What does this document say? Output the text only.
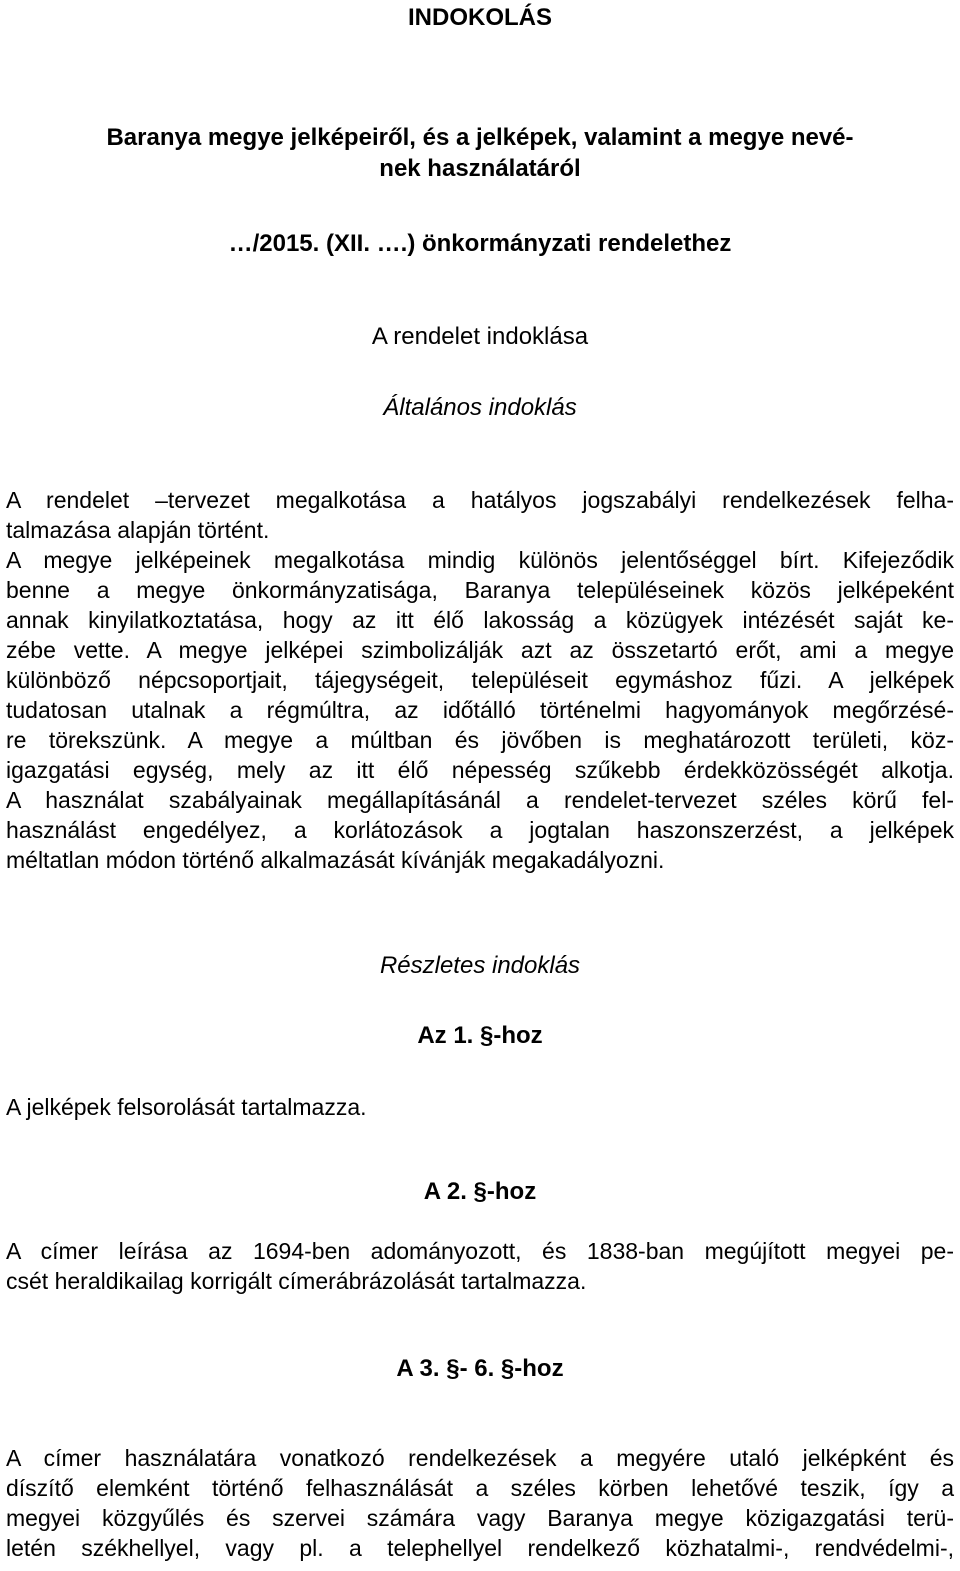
INDOKOLÁS
Baranya megye jelképeiről, és a jelképek, valamint a megye nevé-
nek használatáról
…/2015. (XII. ….) önkormányzati rendelethez
A rendelet indoklása
Általános indoklás
A rendelet –tervezet megalkotása a hatályos jogszabályi rendelkezések felha-
talmazása alapján történt.
A megye jelképeinek megalkotása mindig különös jelentőséggel bírt. Kifejeződik
benne a megye önkormányzatisága, Baranya településeinek közös jelképeként
annak kinyilatkoztatása, hogy az itt élő lakosság a közügyek intézését saját ke-
zébe vette. A megye jelképei szimbolizálják azt az összetartó erőt, ami a megye
különböző népcsoportjait, tájegységeit, településeit egymáshoz fűzi. A jelképek
tudatosan utalnak a régmúltra, az időtálló történelmi hagyományok megőrzésé-
re törekszünk. A megye a múltban és jövőben is meghatározott területi, köz-
igazgatási egység, mely az itt élő népesség szűkebb érdekközösségét alkotja.
A használat szabályainak megállapításánál a rendelet-tervezet széles körű fel-
használást engedélyez, a korlátozások a jogtalan haszonszerzést, a jelképek
méltatlan módon történő alkalmazását kívánják megakadályozni.
Részletes indoklás
Az 1. §-hoz
A jelképek felsorolását tartalmazza.
A 2. §-hoz
A címer leírása az 1694-ben adományozott, és 1838-ban megújított megyei pe-
csét heraldikailag korrigált címerábrázolását tartalmazza.
A 3. §- 6. §-hoz
A címer használatára vonatkozó rendelkezések a megyére utaló jelképként és
díszítő elemként történő felhasználását a széles körben lehetővé teszik, így a
megyei közgyűlés és szervei számára vagy Baranya megye közigazgatási terü-
letén székhellyel, vagy pl. a telephellyel rendelkező közhatalmi-, rendvédelmi-,
